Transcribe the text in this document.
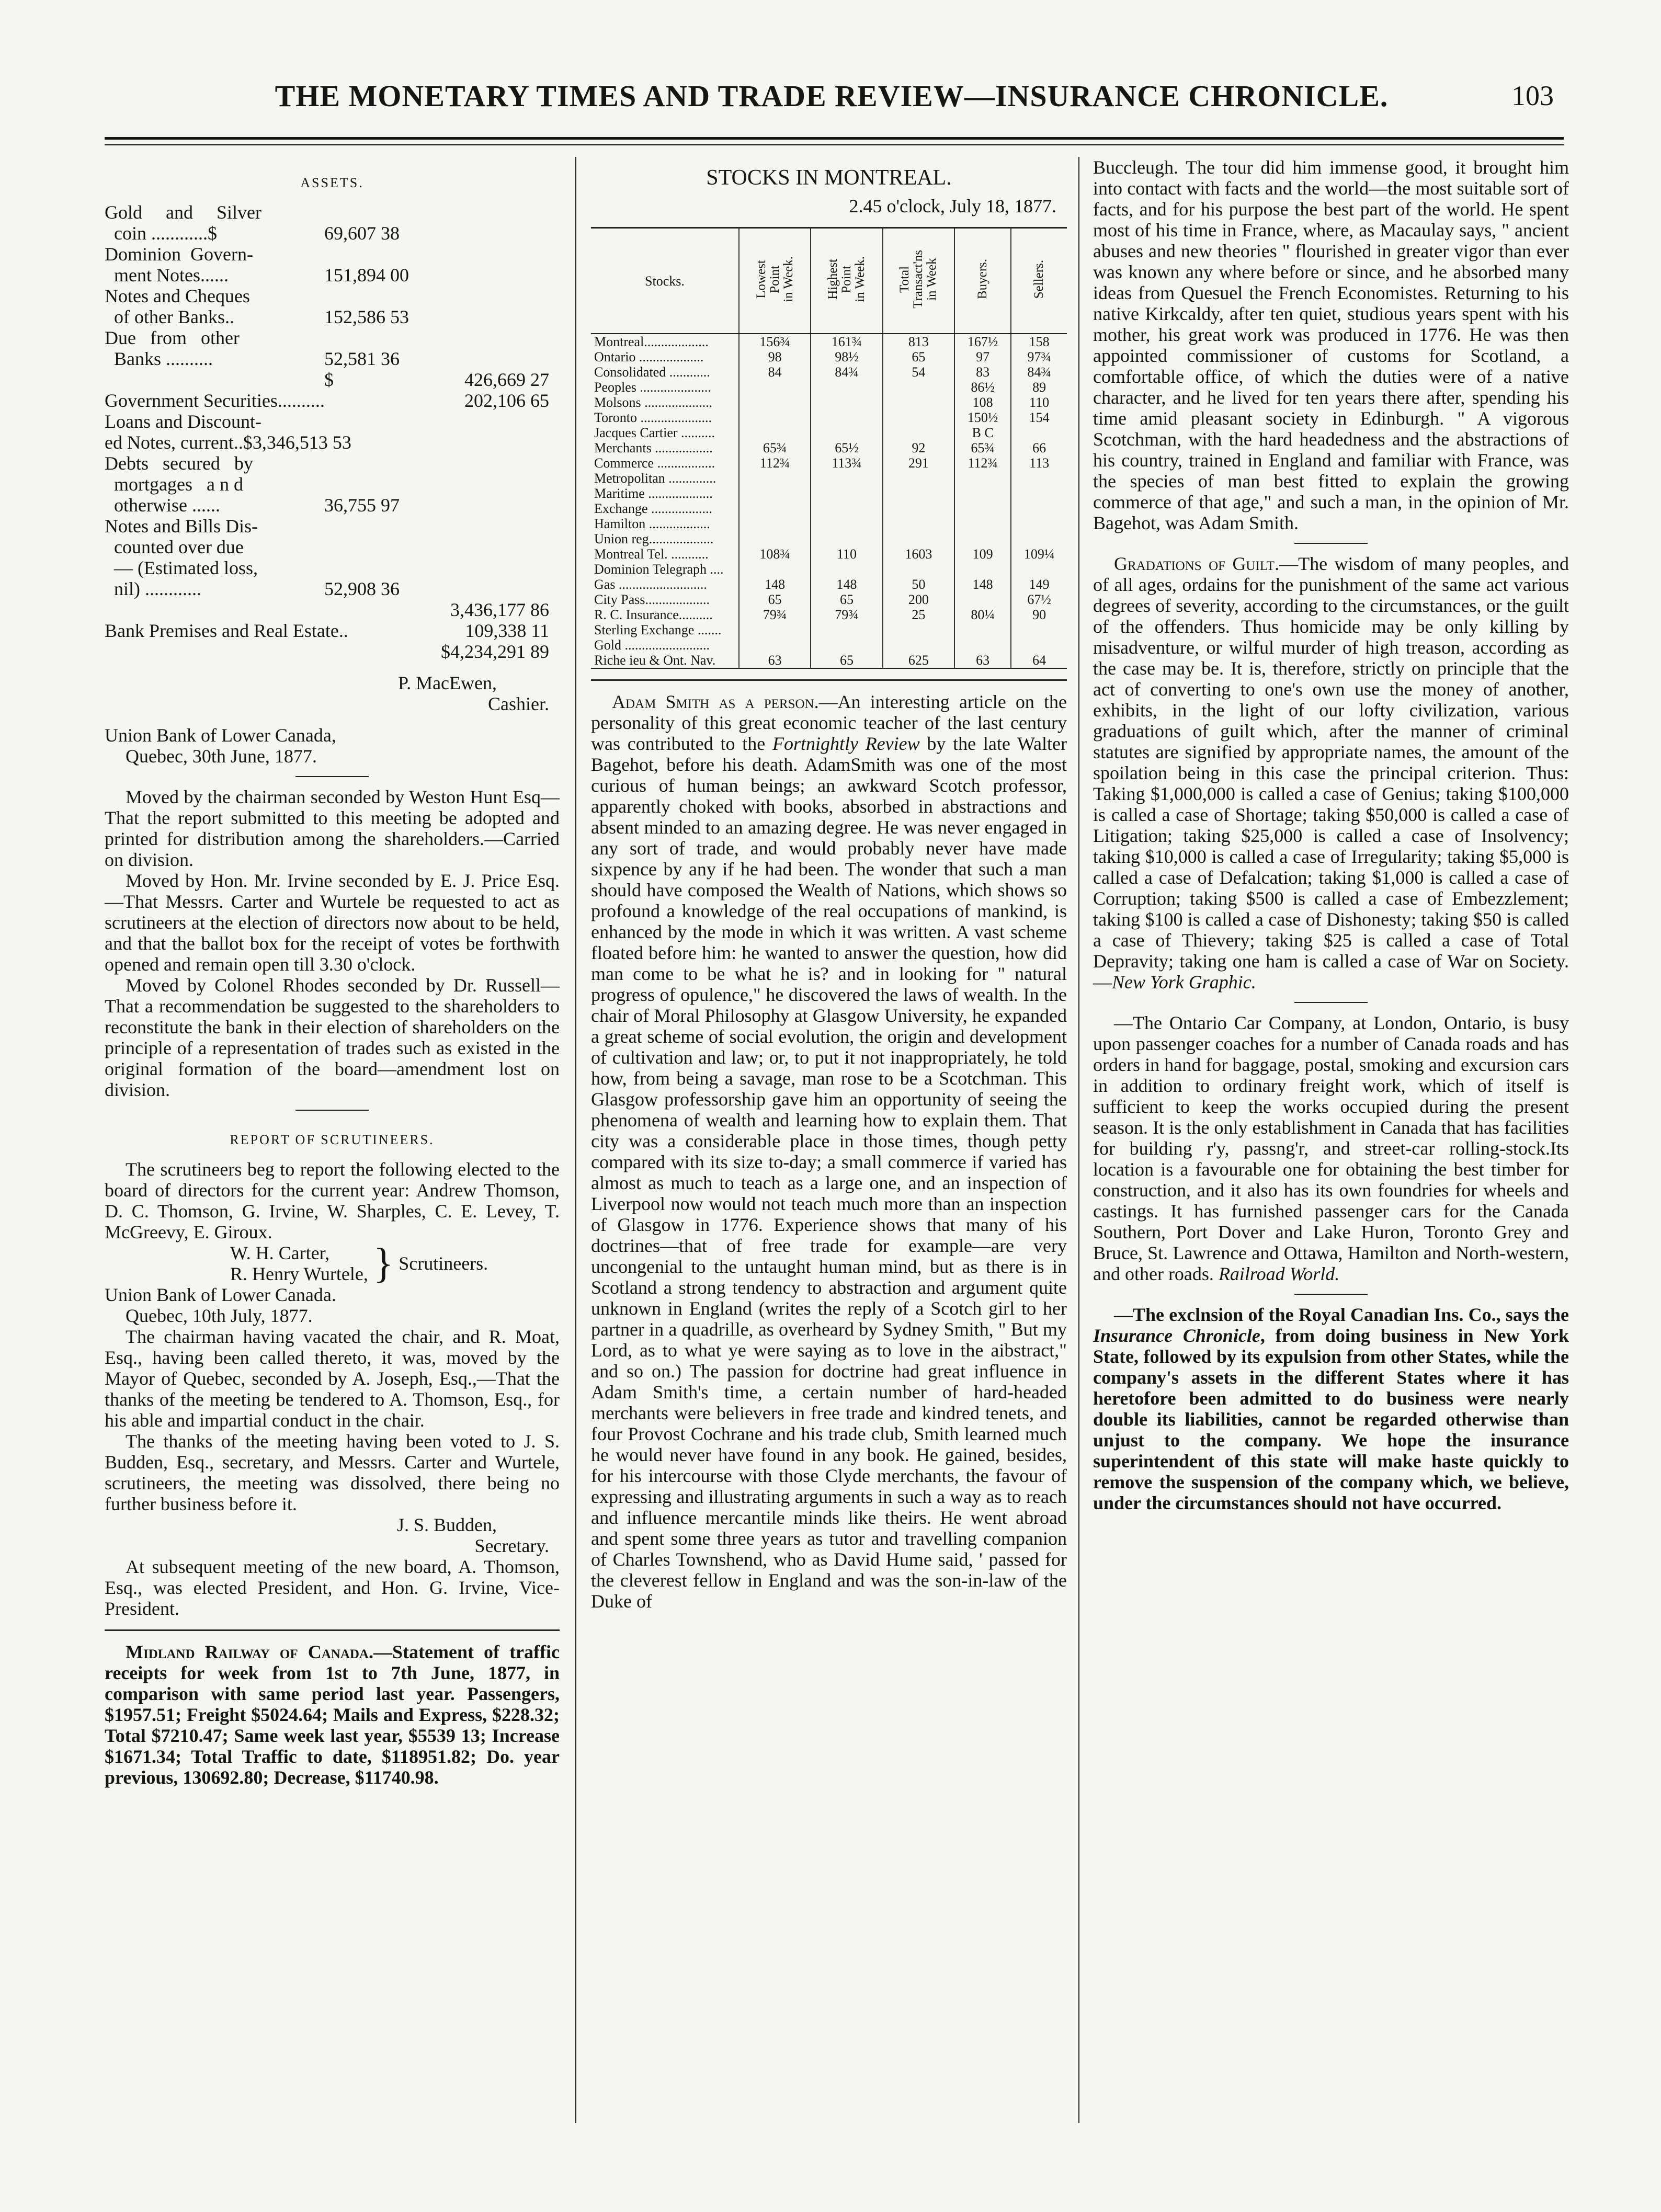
THE MONETARY TIMES AND TRADE REVIEW—INSURANCE CHRONICLE.	103
ASSETS.
Gold     and     Silver
coin ............$	69,607 38
Dominion  Govern-
ment Notes......	151,894 00
Notes and Cheques
of other Banks..	152,586 53
Due   from   other
Banks ..........	52,581 36
$	426,669 27
Government Securities..........	202,106 65
Loans and Discount-
ed Notes, current..$3,346,513 53
Debts   secured   by
mortgages   a n d
otherwise ......	36,755 97
Notes and Bills Dis-
counted over due
— (Estimated loss,
nil) ............	52,908 36
3,436,177 86
Bank Premises and Real Estate..	109,338 11
$4,234,291 89
P. MacEwen,
Cashier.
Union Bank of Lower Canada,
Quebec, 30th June, 1877.

Moved by the chairman seconded by Weston Hunt Esq—That the report submitted to this meeting be adopted and printed for distribution among the shareholders.—Carried on division.

Moved by Hon. Mr. Irvine seconded by E. J. Price Esq.—That Messrs. Carter and Wurtele be requested to act as scrutineers at the election of directors now about to be held, and that the ballot box for the receipt of votes be forthwith opened and remain open till 3.30 o'clock.

Moved by Colonel Rhodes seconded by Dr. Russell—That a recommendation be suggested to the shareholders to reconstitute the bank in their election of shareholders on the principle of a representation of trades such as existed in the original formation of the board—amendment lost on division.

REPORT OF SCRUTINEERS.

The scrutineers beg to report the following elected to the board of directors for the current year: Andrew Thomson, D. C. Thomson, G. Irvine, W. Sharples, C. E. Levey, T. McGreevy, E. Giroux.

W. H. Carter,
R. Henry Wurtele, } Scrutineers.
Union Bank of Lower Canada.
Quebec, 10th July, 1877.

The chairman having vacated the chair, and R. Moat, Esq., having been called thereto, it was, moved by the Mayor of Quebec, seconded by A. Joseph, Esq.,—That the thanks of the meeting be tendered to A. Thomson, Esq., for his able and impartial conduct in the chair.

The thanks of the meeting having been voted to J. S. Budden, Esq., secretary, and Messrs. Carter and Wurtele, scrutineers, the meeting was dissolved, there being no further business before it.

J. S. Budden,
Secretary.

At subsequent meeting of the new board, A. Thomson, Esq., was elected President, and Hon. G. Irvine, Vice-President.

Midland Railway of Canada.—Statement of traffic receipts for week from 1st to 7th June, 1877, in comparison with same period last year. Passengers, $1957.51; Freight $5024.64; Mails and Express, $228.32; Total $7210.47; Same week last year, $5539 13; Increase $1671.34; Total Traffic to date, $118951.82; Do. year previous, 130692.80; Decrease, $11740.98.

STOCKS IN MONTREAL.
2.45 o'clock, July 18, 1877.
Stocks.	Lowest
Point
in Week.	Highest
Point
in Week.	Total
Transact'ns
in Week	Buyers.	Sellers.
Montreal...................	156¾	161¾	813	167½	158
Ontario ...................	98	98½	65	97	97¾
Consolidated ............	84	84¾	54	83	84¾
Peoples .....................				86½	89
Molsons ....................				108	110
Toronto .....................				150½	154
Jacques Cartier ..........				B C	
Merchants .................	65¾	65½	92	65¾	66
Commerce .................	112¾	113¾	291	112¾	113
Metropolitan ..............					
Maritime ...................					
Exchange ..................					
Hamilton ..................					
Union reg...................					
Montreal Tel. ...........	108¾	110	1603	109	109¼
Dominion Telegraph ....					
Gas ..........................	148	148	50	148	149
City Pass...................	65	65	200		67½
R. C. Insurance..........	79¾	79¾	25	80¼	90
Sterling Exchange .......					
Gold .........................					
Riche ieu & Ont. Nav.	63	65	625	63	64

Adam Smith as a person.—An interesting article on the personality of this great economic teacher of the last century was contributed to the Fortnightly Review by the late Walter Bagehot, before his death. AdamSmith was one of the most curious of human beings; an awkward Scotch professor, apparently choked with books, absorbed in abstractions and absent minded to an amazing degree. He was never engaged in any sort of trade, and would probably never have made sixpence by any if he had been. The wonder that such a man should have composed the Wealth of Nations, which shows so profound a knowledge of the real occupations of mankind, is enhanced by the mode in which it was written. A vast scheme floated before him: he wanted to answer the question, how did man come to be what he is? and in looking for " natural progress of opulence," he discovered the laws of wealth. In the chair of Moral Philosophy at Glasgow University, he expanded a great scheme of social evolution, the origin and development of cultivation and law; or, to put it not inappropriately, he told how, from being a savage, man rose to be a Scotchman. This Glasgow professorship gave him an opportunity of seeing the phenomena of wealth and learning how to explain them. That city was a considerable place in those times, though petty compared with its size to-day; a small commerce if varied has almost as much to teach as a large one, and an inspection of Liverpool now would not teach much more than an inspection of Glasgow in 1776. Experience shows that many of his doctrines—that of free trade for example—are very uncongenial to the untaught human mind, but as there is in Scotland a strong tendency to abstraction and argument quite unknown in England (writes the reply of a Scotch girl to her partner in a quadrille, as overheard by Sydney Smith, " But my Lord, as to what ye were saying as to love in the aibstract," and so on.) The passion for doctrine had great influence in Adam Smith's time, a certain number of hard-headed merchants were believers in free trade and kindred tenets, and four Provost Cochrane and his trade club, Smith learned much he would never have found in any book. He gained, besides, for his intercourse with those Clyde merchants, the favour of expressing and illustrating arguments in such a way as to reach and influence mercantile minds like theirs. He went abroad and spent some three years as tutor and travelling companion of Charles Townshend, who as David Hume said, ' passed for the cleverest fellow in England and was the son-in-law of the Duke of

Buccleugh. The tour did him immense good, it brought him into contact with facts and the world—the most suitable sort of facts, and for his purpose the best part of the world. He spent most of his time in France, where, as Macaulay says, " ancient abuses and new theories " flourished in greater vigor than ever was known any where before or since, and he absorbed many ideas from Quesuel the French Economistes. Returning to his native Kirkcaldy, after ten quiet, studious years spent with his mother, his great work was produced in 1776. He was then appointed commissioner of customs for Scotland, a comfortable office, of which the duties were of a native character, and he lived for ten years there after, spending his time amid pleasant society in Edinburgh. " A vigorous Scotchman, with the hard headedness and the abstractions of his country, trained in England and familiar with France, was the species of man best fitted to explain the growing commerce of that age," and such a man, in the opinion of Mr. Bagehot, was Adam Smith.

Gradations of Guilt.—The wisdom of many peoples, and of all ages, ordains for the punishment of the same act various degrees of severity, according to the circumstances, or the guilt of the offenders. Thus homicide may be only killing by misadventure, or wilful murder of high treason, according as the case may be. It is, therefore, strictly on principle that the act of converting to one's own use the money of another, exhibits, in the light of our lofty civilization, various graduations of guilt which, after the manner of criminal statutes are signified by appropriate names, the amount of the spoilation being in this case the principal criterion. Thus: Taking $1,000,000 is called a case of Genius; taking $100,000 is called a case of Shortage; taking $50,000 is called a case of Litigation; taking $25,000 is called a case of Insolvency; taking $10,000 is called a case of Irregularity; taking $5,000 is called a case of Defalcation; taking $1,000 is called a case of Corruption; taking $500 is called a case of Embezzlement; taking $100 is called a case of Dishonesty; taking $50 is called a case of Thievery; taking $25 is called a case of Total Depravity; taking one ham is called a case of War on Society.—New York Graphic.

—The Ontario Car Company, at London, Ontario, is busy upon passenger coaches for a number of Canada roads and has orders in hand for baggage, postal, smoking and excursion cars in addition to ordinary freight work, which of itself is sufficient to keep the works occupied during the present season. It is the only establishment in Canada that has facilities for building r'y, passng'r, and street-car rolling-stock.Its location is a favourable one for obtaining the best timber for construction, and it also has its own foundries for wheels and castings. It has furnished passenger cars for the Canada Southern, Port Dover and Lake Huron, Toronto Grey and Bruce, St. Lawrence and Ottawa, Hamilton and North-western, and other roads. Railroad World.

—The exclnsion of the Royal Canadian Ins. Co., says the Insurance Chronicle, from doing business in New York State, followed by its expulsion from other States, while the company's assets in the different States where it has heretofore been admitted to do business were nearly double its liabilities, cannot be regarded otherwise than unjust to the company. We hope the insurance superintendent of this state will make haste quickly to remove the suspension of the company which, we believe, under the circumstances should not have occurred.
